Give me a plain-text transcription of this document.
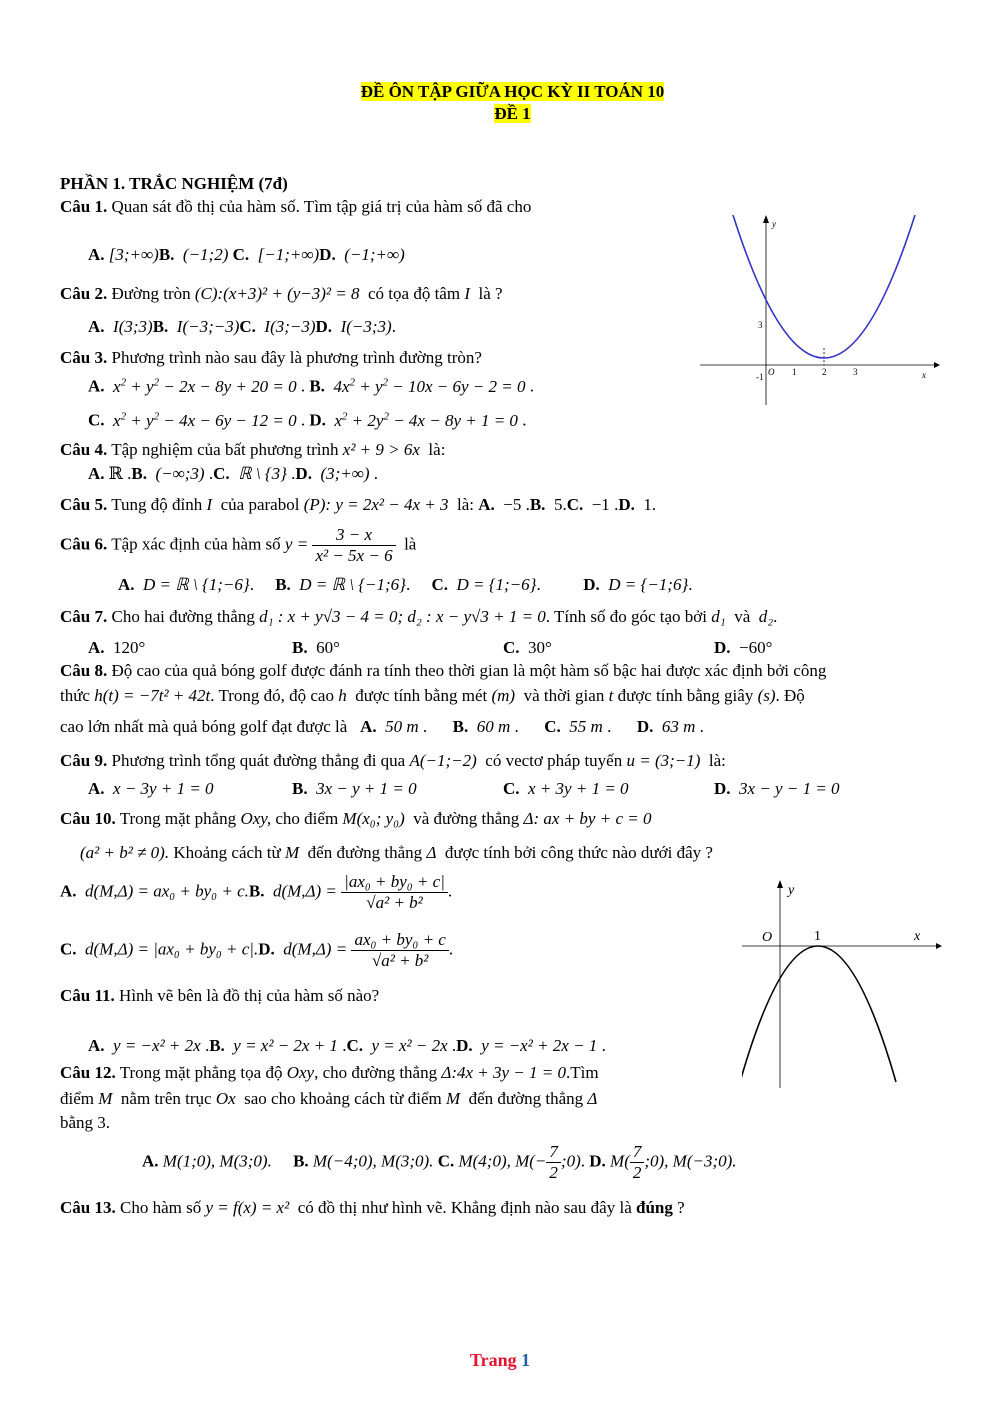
ĐỀ ÔN TẬP GIỮA HỌC KỲ II TOÁN 10
ĐỀ 1
PHẦN 1. TRẮC NGHIỆM (7đ)
Câu 1. Quan sát đồ thị của hàm số. Tìm tập giá trị của hàm số đã cho
A. [3;+∞)B. (−1;2) C. [−1;+∞)D. (−1;+∞)
y
x
O
3
-1	1	2	3
Câu 2. Đường tròn (C):(x+3)² + (y−3)² = 8 có tọa độ tâm I là ?
A. I(3;3)B. I(−3;−3)C. I(3;−3)D. I(−3;3).
Câu 3. Phương trình nào sau đây là phương trình đường tròn?
A. $x^2 + y^2 - 2x - 8y + 20 = 0$ . B. $4x^2 + y^2 - 10x - 6y - 2 = 0$ .
C. $x^2 + y^2 - 4x - 6y - 12 = 0$ . D. $x^2 + 2y^2 - 4x - 8y + 1 = 0$ .
Câu 4. Tập nghiệm của bất phương trình x² + 9 > 6x là:
A. ℝ .B. (−∞;3) .C. ℝ \ {3} .D. (3;+∞) .
Câu 5. Tung độ đỉnh I của parabol (P): y = 2x² − 4x + 3 là: A. −5 .B. 5.C. −1 .D. 1.
Câu 6. Tập xác định của hàm số $y = \frac{3 - x}{\text{x² − 5x − 6}}$ là
A. D = ℝ \ {1;−6}.     B. D = ℝ \ {−1;6}.     C. D = {1;−6}.          D. D = {−1;6}.
Câu 7. Cho hai đường thẳng d₁ : x + y√3 − 4 = 0; d₂ : x − y√3 + 1 = 0. Tính số đo góc tạo bởi d₁ và d₂.
A. 120°	B. 60°	C. 30°	D. −60°
Câu 8. Độ cao của quả bóng golf được đánh ra tính theo thời gian là một hàm số bậc hai được xác định bởi công
thức h(t) = −7t² + 42t. Trong đó, độ cao h được tính bằng mét (m) và thời gian t được tính bằng giây (s). Độ
cao lớn nhất mà quả bóng golf đạt được là A. 50 m .      B. 60 m .      C. 55 m .      D. 63 m .
Câu 9. Phương trình tổng quát đường thẳng đi qua A(−1;−2) có vectơ pháp tuyến u = (3;−1) là:
A. x − 3y + 1 = 0	B. 3x − y + 1 = 0	C. x + 3y + 1 = 0	D. 3x − y − 1 = 0
Câu 10. Trong mặt phẳng Oxy, cho điểm M(x₀; y₀) và đường thẳng Δ: ax + by + c = 0
(a² + b² ≠ 0). Khoảng cách từ M đến đường thẳng Δ được tính bởi công thức nào dưới đây ?
A. d(M,Δ) = ax₀ + by₀ + c.B. $d(M,\Delta) = \frac{\text{|ax₀ + by₀ + c|}}{\text{√a² + b²}}$ .
C. d(M,Δ) = |ax₀ + by₀ + c|.D. $d(M,\Delta) = \frac{\text{ax₀ + by₀ + c}}{\text{√a² + b²}}$ .
y
x
O	1
Câu 11. Hình vẽ bên là đồ thị của hàm số nào?
A. y = −x² + 2x .B. y = x² − 2x + 1 .C. y = x² − 2x .D. y = −x² + 2x − 1 .
Câu 12. Trong mặt phẳng tọa độ Oxy, cho đường thẳng Δ:4x + 3y − 1 = 0.Tìm
điểm M nằm trên trục Ox sao cho khoảng cách từ điểm M đến đường thẳng Δ
bằng 3.
A. M(1;0), M(3;0). B. M(−4;0), M(3;0). C. M(4;0), $M(- \frac{7}{2}$ ;0). D. $M( \frac{7}{2}$ ;0), M(−3;0).
Câu 13. Cho hàm số y = f(x) = x² có đồ thị như hình vẽ. Khẳng định nào sau đây là đúng ?
Trang 1
